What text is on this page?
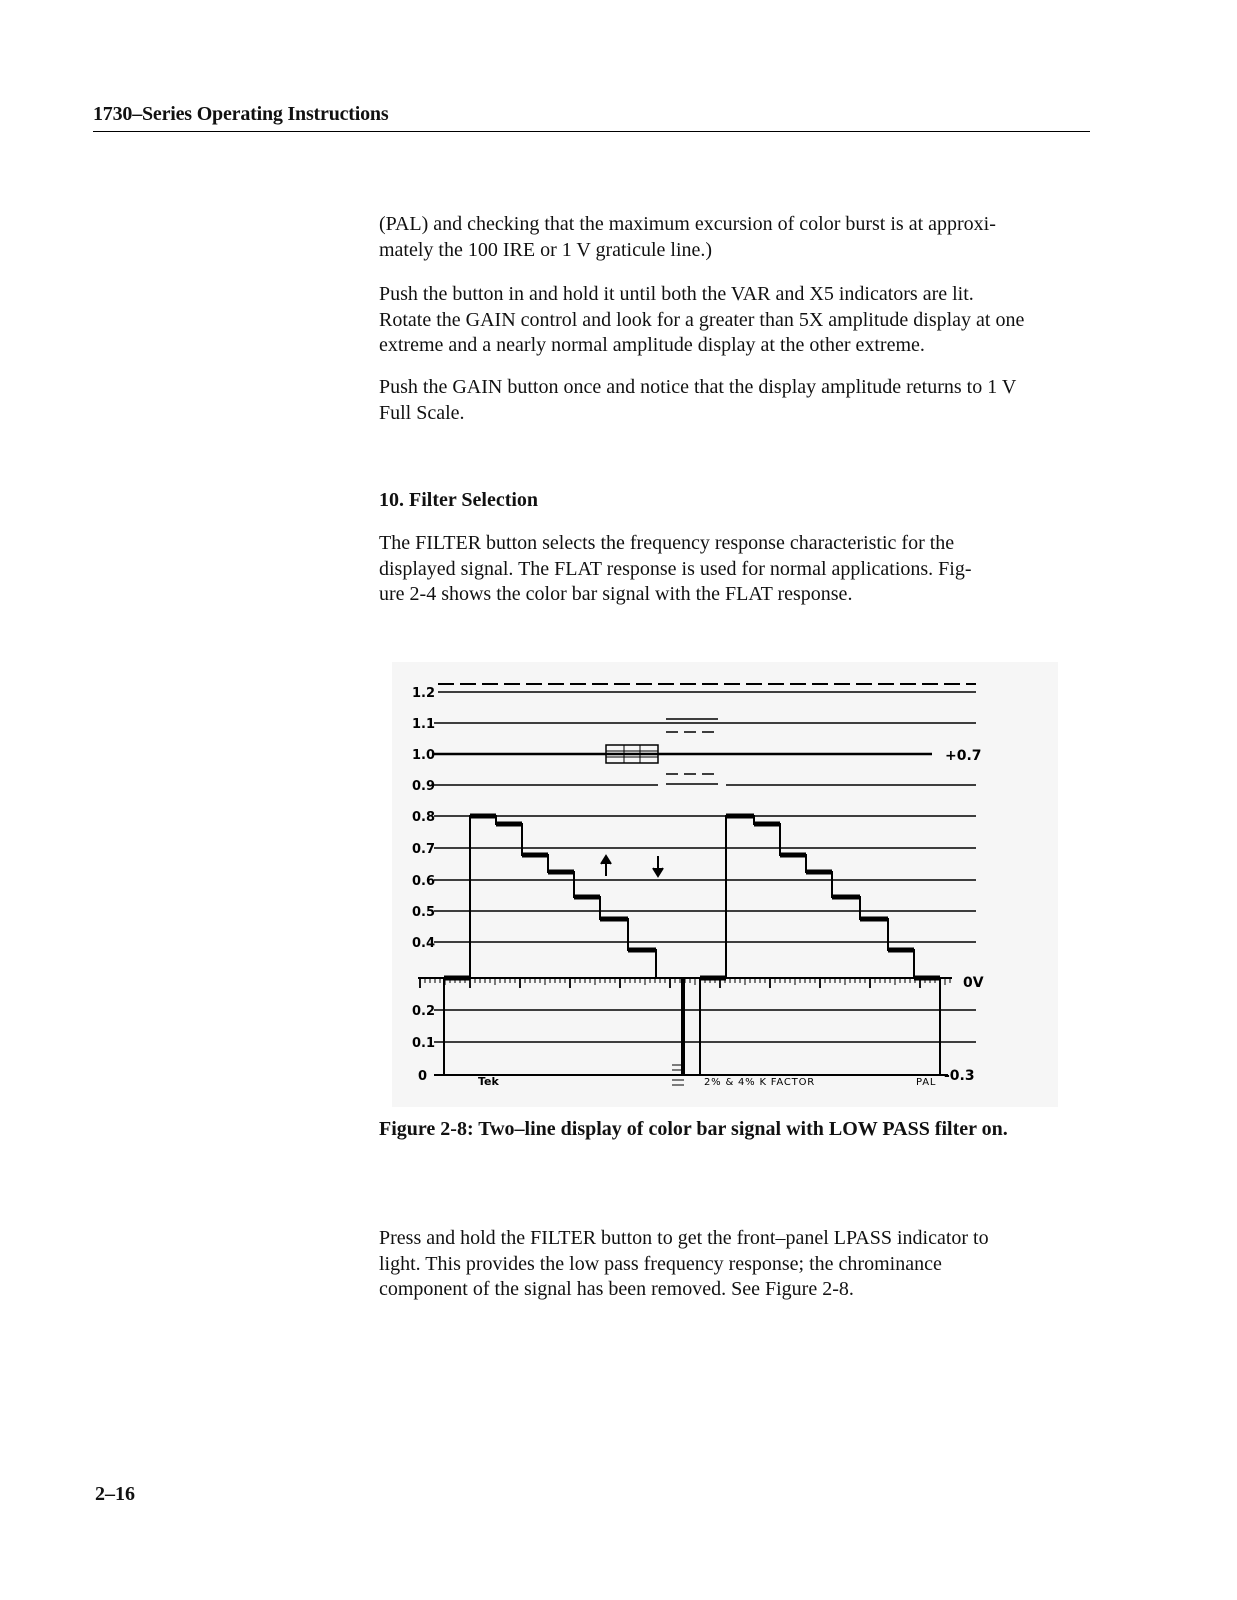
1730–Series Operating Instructions

(PAL) and checking that the maximum excursion of color burst is at approxi-

mately the 100 IRE or 1 V graticule line.)

Push the button in and hold it until both the VAR and X5 indicators are lit.

Rotate the GAIN control and look for a greater than 5X amplitude display at one

extreme and a nearly normal amplitude display at the other extreme.

Push the GAIN button once and notice that the display amplitude returns to 1 V

Full Scale.

10. Filter Selection

The FILTER button selects the frequency response characteristic for the

displayed signal. The FLAT response is used for normal applications. Fig-

ure 2-4 shows the color bar signal with the FLAT response.

1.2
1.1
1.0
0.9
0.8
0.7
0.6
0.5
0.4
0.2
0.1
0
+0.7
0V
-0.3
Tek	2% & 4% K FACTOR	PAL
Figure 2-8: Two–line display of color bar signal with LOW PASS filter on.

Press and hold the FILTER button to get the front–panel LPASS indicator to

light. This provides the low pass frequency response; the chrominance

component of the signal has been removed. See Figure 2-8.

2–16
